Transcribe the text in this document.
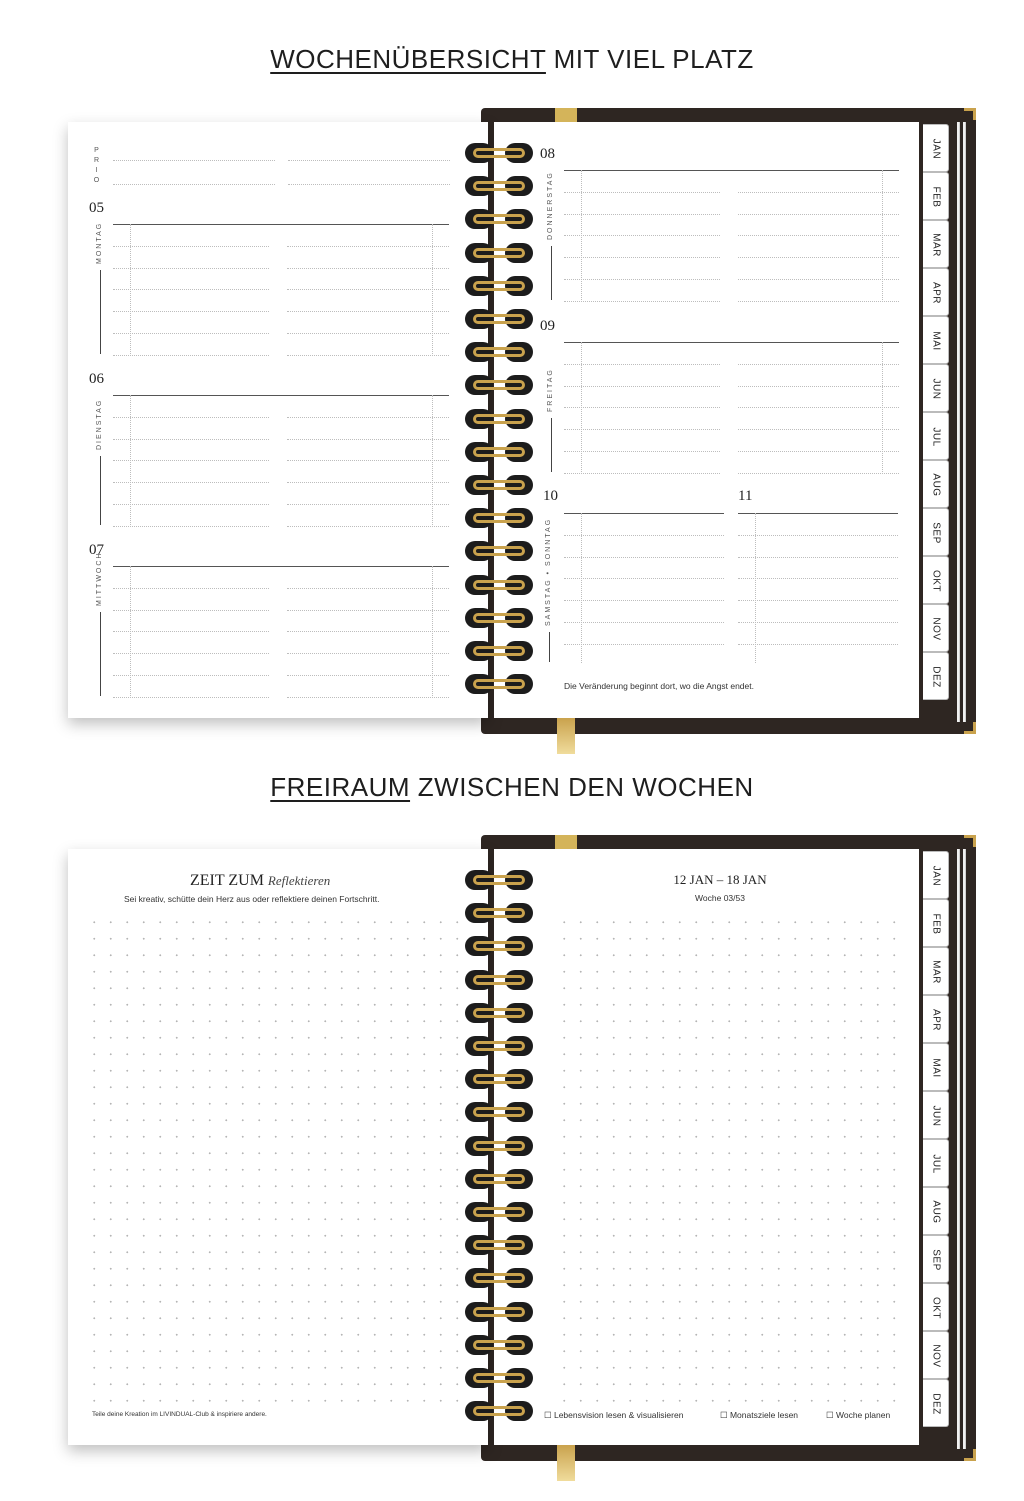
WOCHENÜBERSICHT MIT VIEL PLATZ
FREIRAUM ZWISCHEN DEN WOCHEN
JAN
FEB
MAR
APR
MAI
JUN
JUL
AUG
SEP
OKT
NOV
DEZ
P R I O
05
MONTAG
06
DIENSTAG
07
MITTWOCH
08
DONNERSTAG
09
FREITAG
10	11
SAMSTAG • SONNTAG
Die Veränderung beginnt dort, wo die Angst endet.
JAN
FEB
MAR
APR
MAI
JUN
JUL
AUG
SEP
OKT
NOV
DEZ
ZEIT ZUM Reflektieren
Sei kreativ, schütte dein Herz aus oder reflektiere deinen Fortschritt.
Teile deine Kreation im LIVINDUAL-Club & inspiriere andere.
12 JAN – 18 JAN
Woche 03/53
☐ Lebensvision lesen & visualisieren	☐ Monatsziele lesen	☐ Woche planen
